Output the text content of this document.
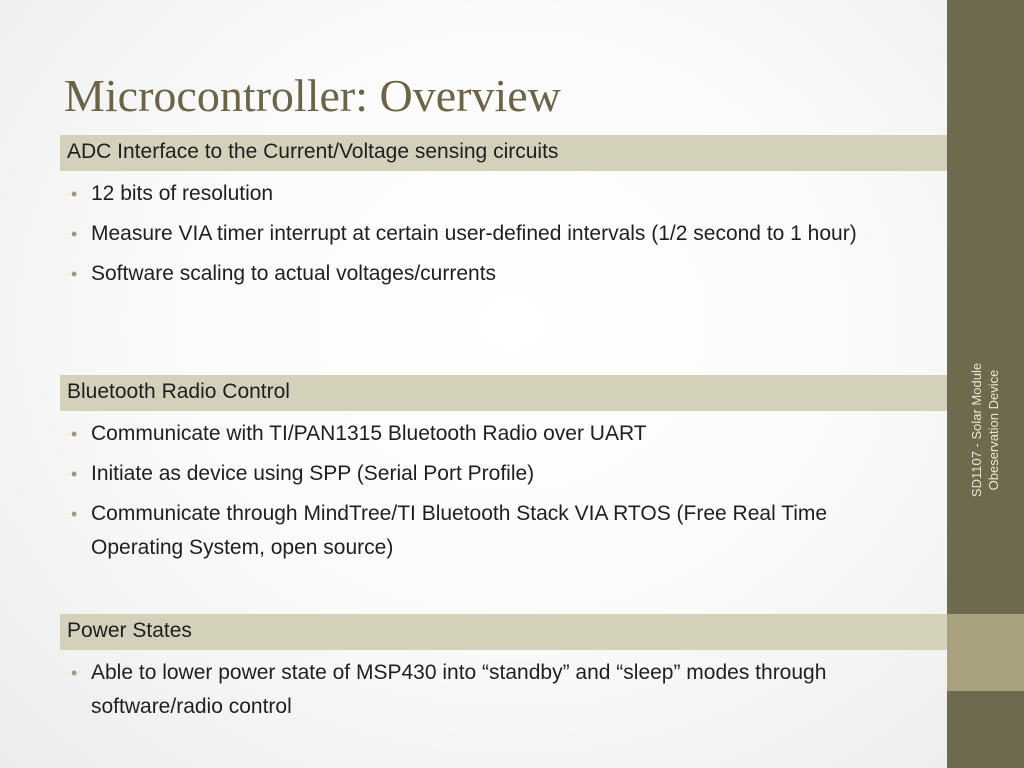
Microcontroller: Overview
ADC Interface to the Current/Voltage sensing circuits
• 12 bits of resolution
• Measure VIA timer interrupt at certain user-defined intervals (1/2 second to 1 hour)
• Software scaling to actual voltages/currents
Bluetooth Radio Control
• Communicate with TI/PAN1315 Bluetooth Radio over UART
• Initiate as device using SPP (Serial Port Profile)
• Communicate through MindTree/TI Bluetooth Stack VIA RTOS (Free Real Time Operating System, open source)
Power States
• Able to lower power state of MSP430 into “standby” and “sleep” modes through software/radio control
SD1107 - Solar Module Obeservation Device
